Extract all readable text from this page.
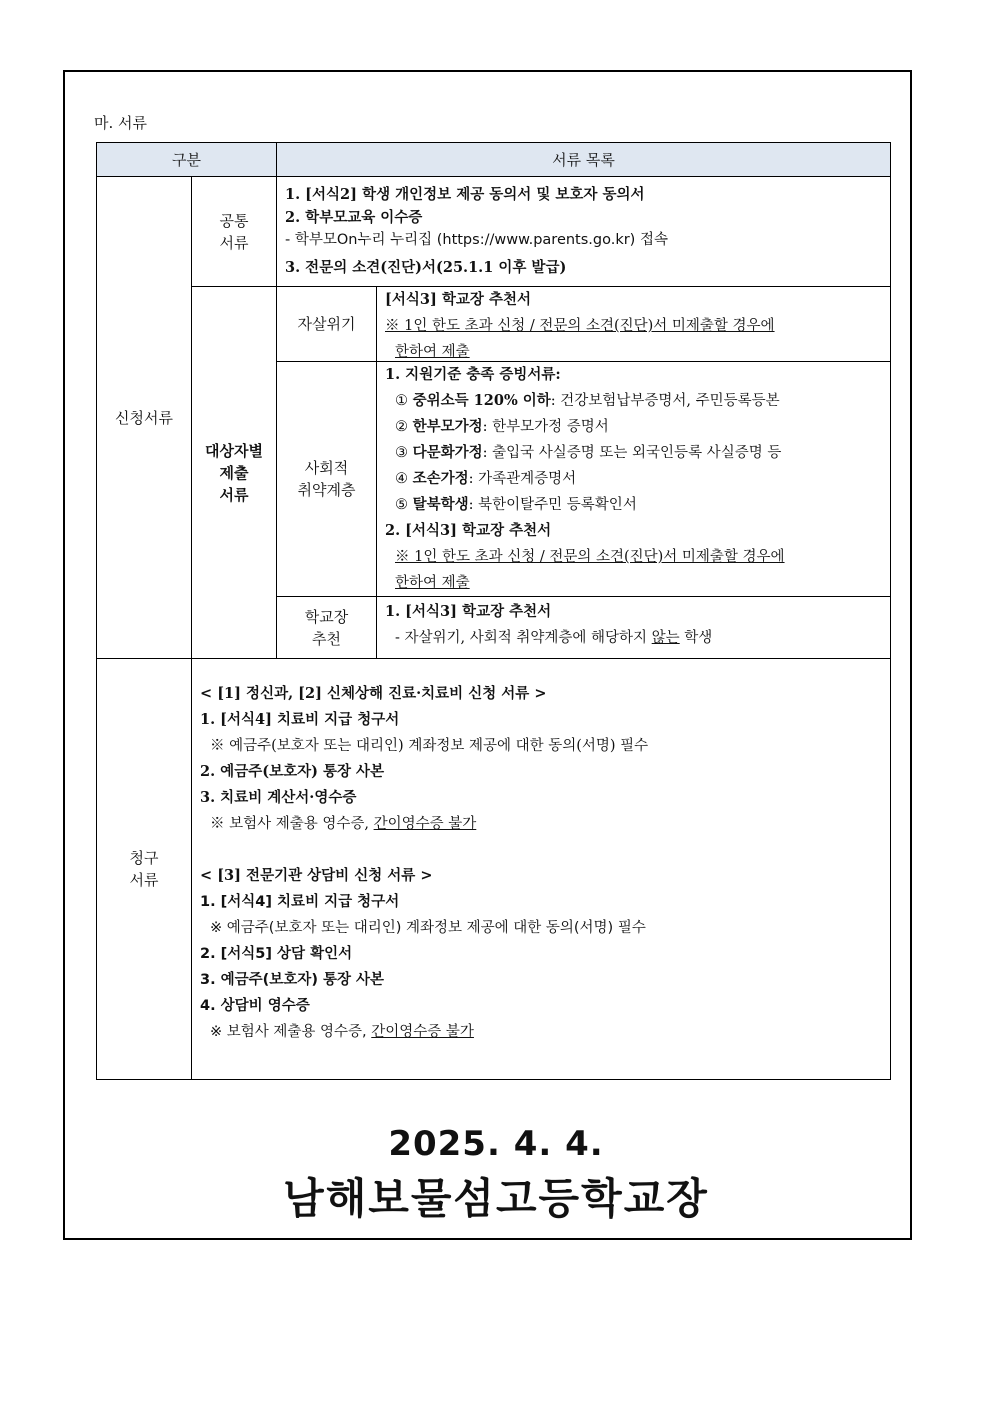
마. 서류
구분	서류 목록
신청서류
공통
서류
1. [서식2] 학생 개인정보 제공 동의서 및 보호자 동의서
2. 학부모교육 이수증
- 학부모On누리 누리집 (https://www.parents.go.kr) 접속
3. 전문의 소견(진단)서(25.1.1 이후 발급)
대상자별
제출
서류
자살위기
[서식3] 학교장 추천서
※ 1인 한도 초과 신청 / 전문의 소견(진단)서 미제출할 경우에
한하여 제출
사회적
취약계층
1. 지원기준 충족 증빙서류:
① 중위소득 120% 이하: 건강보험납부증명서, 주민등록등본
② 한부모가정: 한부모가정 증명서
③ 다문화가정: 출입국 사실증명 또는 외국인등록 사실증명 등
④ 조손가정: 가족관계증명서
⑤ 탈북학생: 북한이탈주민 등록확인서
2. [서식3] 학교장 추천서
※ 1인 한도 초과 신청 / 전문의 소견(진단)서 미제출할 경우에
한하여 제출
학교장
추천
1. [서식3] 학교장 추천서
- 자살위기, 사회적 취약계층에 해당하지 않는 학생
청구
서류
< [1] 정신과, [2] 신체상해 진료·치료비 신청 서류 >
1. [서식4] 치료비 지급 청구서
※ 예금주(보호자 또는 대리인) 계좌정보 제공에 대한 동의(서명) 필수
2. 예금주(보호자) 통장 사본
3. 치료비 계산서·영수증
※ 보험사 제출용 영수증, 간이영수증 불가
< [3] 전문기관 상담비 신청 서류 >
1. [서식4] 치료비 지급 청구서
※ 예금주(보호자 또는 대리인) 계좌정보 제공에 대한 동의(서명) 필수
2. [서식5] 상담 확인서
3. 예금주(보호자) 통장 사본
4. 상담비 영수증
※ 보험사 제출용 영수증, 간이영수증 불가
2025. 4. 4.
남해보물섬고등학교장
